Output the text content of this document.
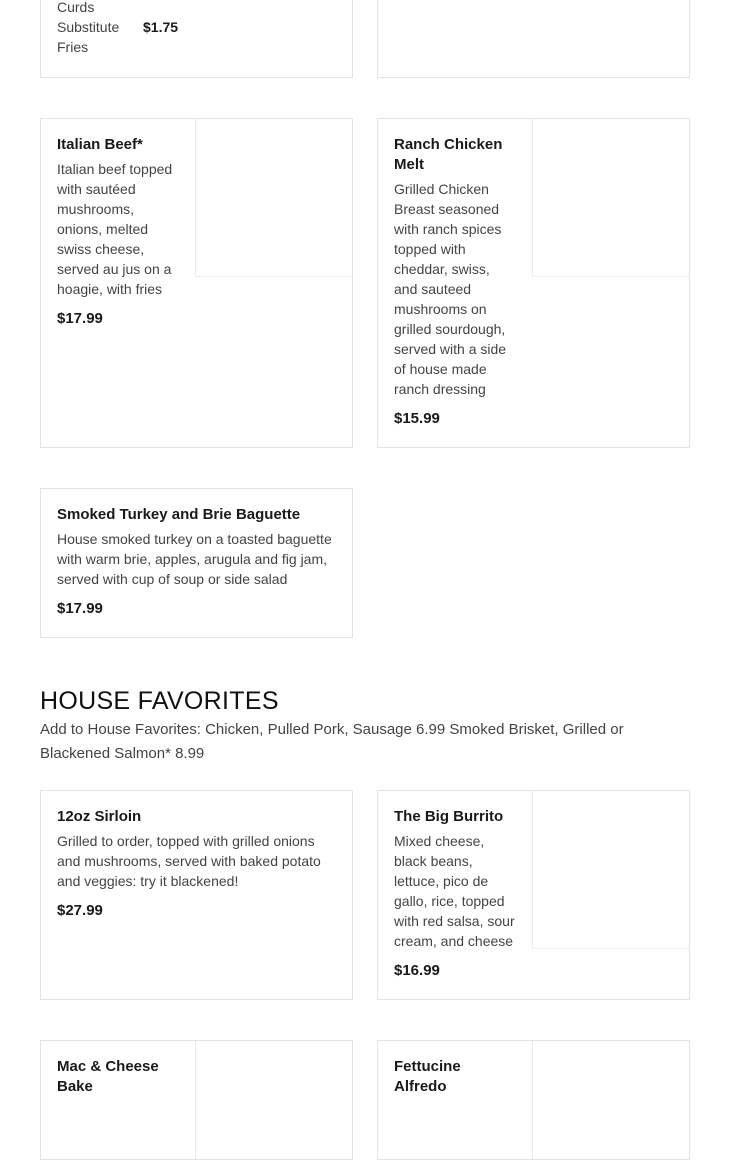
Curds
Substitute Fries
$1.75
Italian Beef*

Italian beef topped with sautéed mushrooms, onions, melted swiss cheese, served au jus on a hoagie, with fries

$17.99
Ranch Chicken Melt

Grilled Chicken Breast seasoned with ranch spices topped with cheddar, swiss, and sauteed mushrooms on grilled sourdough, served with a side of house made ranch dressing

$15.99
Smoked Turkey and Brie Baguette

House smoked turkey on a toasted baguette with warm brie, apples, arugula and fig jam, served with cup of soup or side salad

$17.99
HOUSE FAVORITES

Add to House Favorites: Chicken, Pulled Pork, Sausage 6.99 Smoked Brisket, Grilled or Blackened Salmon* 8.99

12oz Sirloin

Grilled to order, topped with grilled onions and mushrooms, served with baked potato and veggies: try it blackened!

$27.99
The Big Burrito

Mixed cheese, black beans, lettuce, pico de gallo, rice, topped with red salsa, sour cream, and cheese

$16.99
Mac & Cheese Bake
Fettucine Alfredo
